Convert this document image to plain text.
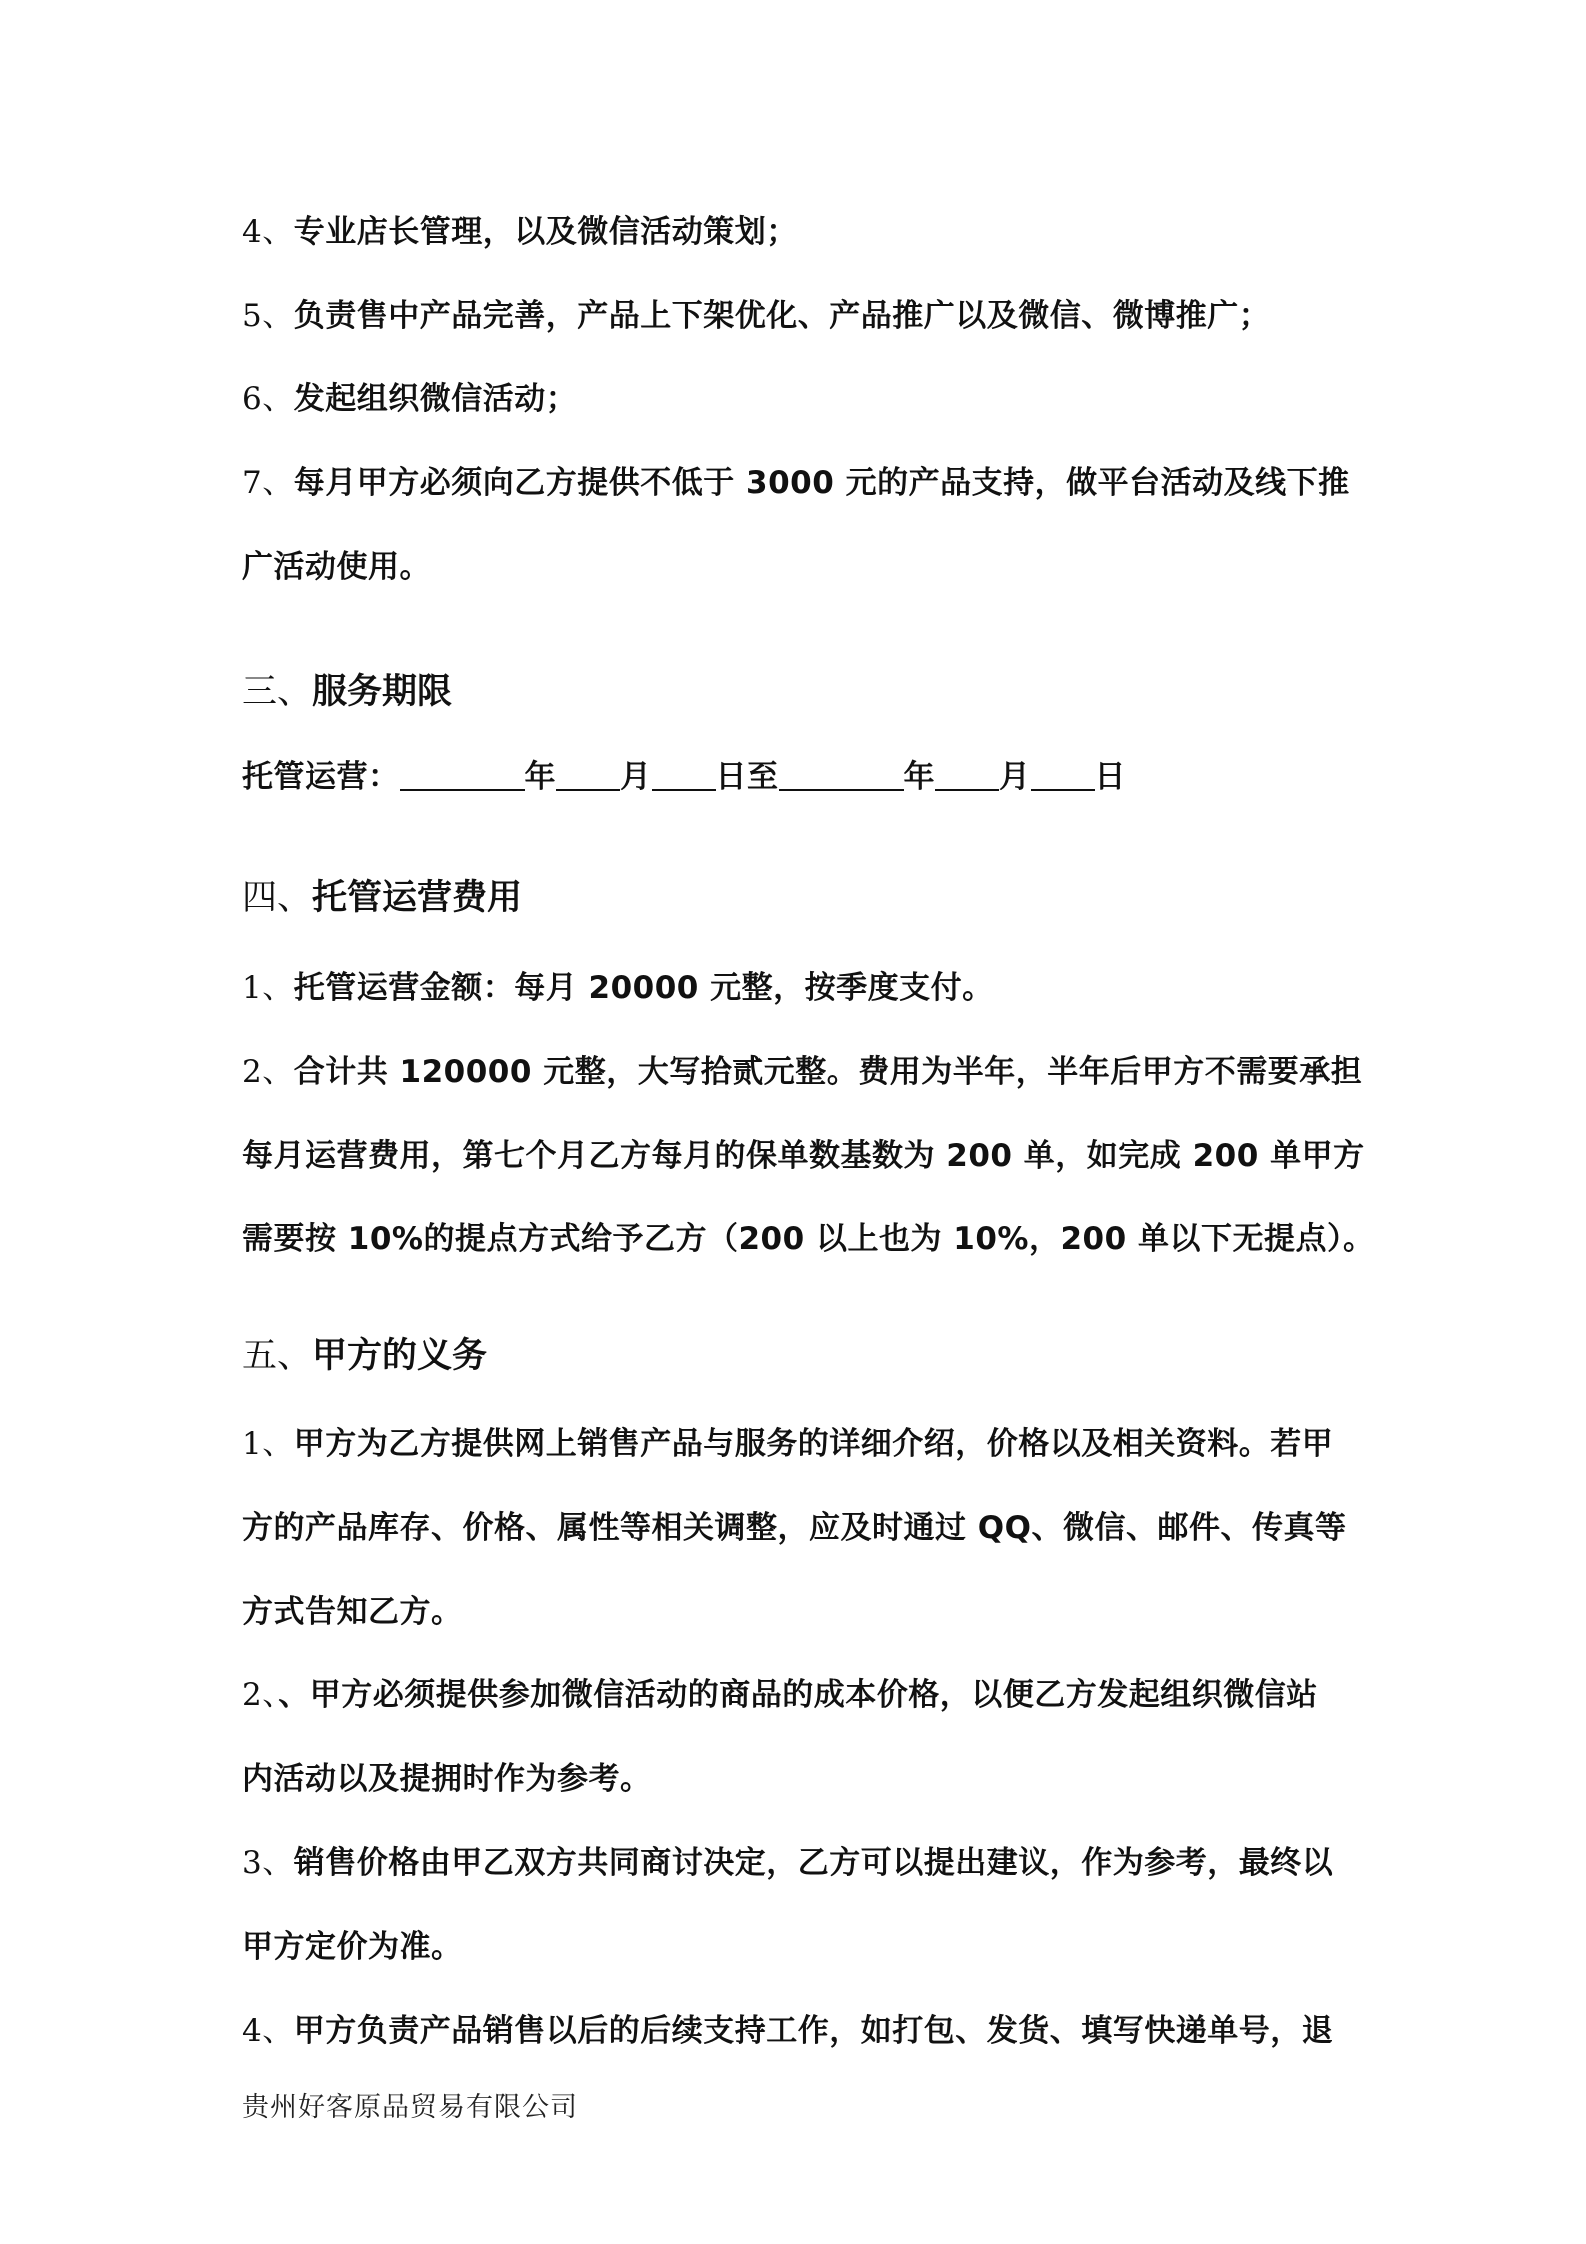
4、专业店长管理，以及微信活动策划；
5、负责售中产品完善，产品上下架优化、产品推广以及微信、微博推广；
6、发起组织微信活动；
7、每月甲方必须向乙方提供不低于 3000 元的产品支持，做平台活动及线下推
广活动使用。
三、服务期限
托管运营：	年 月 日至	年 月 日
四、托管运营费用
1、托管运营金额：每月 20000 元整，按季度支付。
2、合计共 120000 元整，大写拾贰元整。费用为半年，半年后甲方不需要承担
每月运营费用，第七个月乙方每月的保单数基数为 200 单，如完成 200 单甲方
需要按 10%的提点方式给予乙方（200 以上也为 10%，200 单以下无提点）。
五、甲方的义务
1、甲方为乙方提供网上销售产品与服务的详细介绍，价格以及相关资料。若甲
方的产品库存、价格、属性等相关调整，应及时通过 QQ、微信、邮件、传真等
方式告知乙方。
2、、甲方必须提供参加微信活动的商品的成本价格，以便乙方发起组织微信站
内活动以及提拥时作为参考。
3、销售价格由甲乙双方共同商讨决定，乙方可以提出建议，作为参考，最终以
甲方定价为准。
4、甲方负责产品销售以后的后续支持工作，如打包、发货、填写快递单号，退
贵州好客原品贸易有限公司
